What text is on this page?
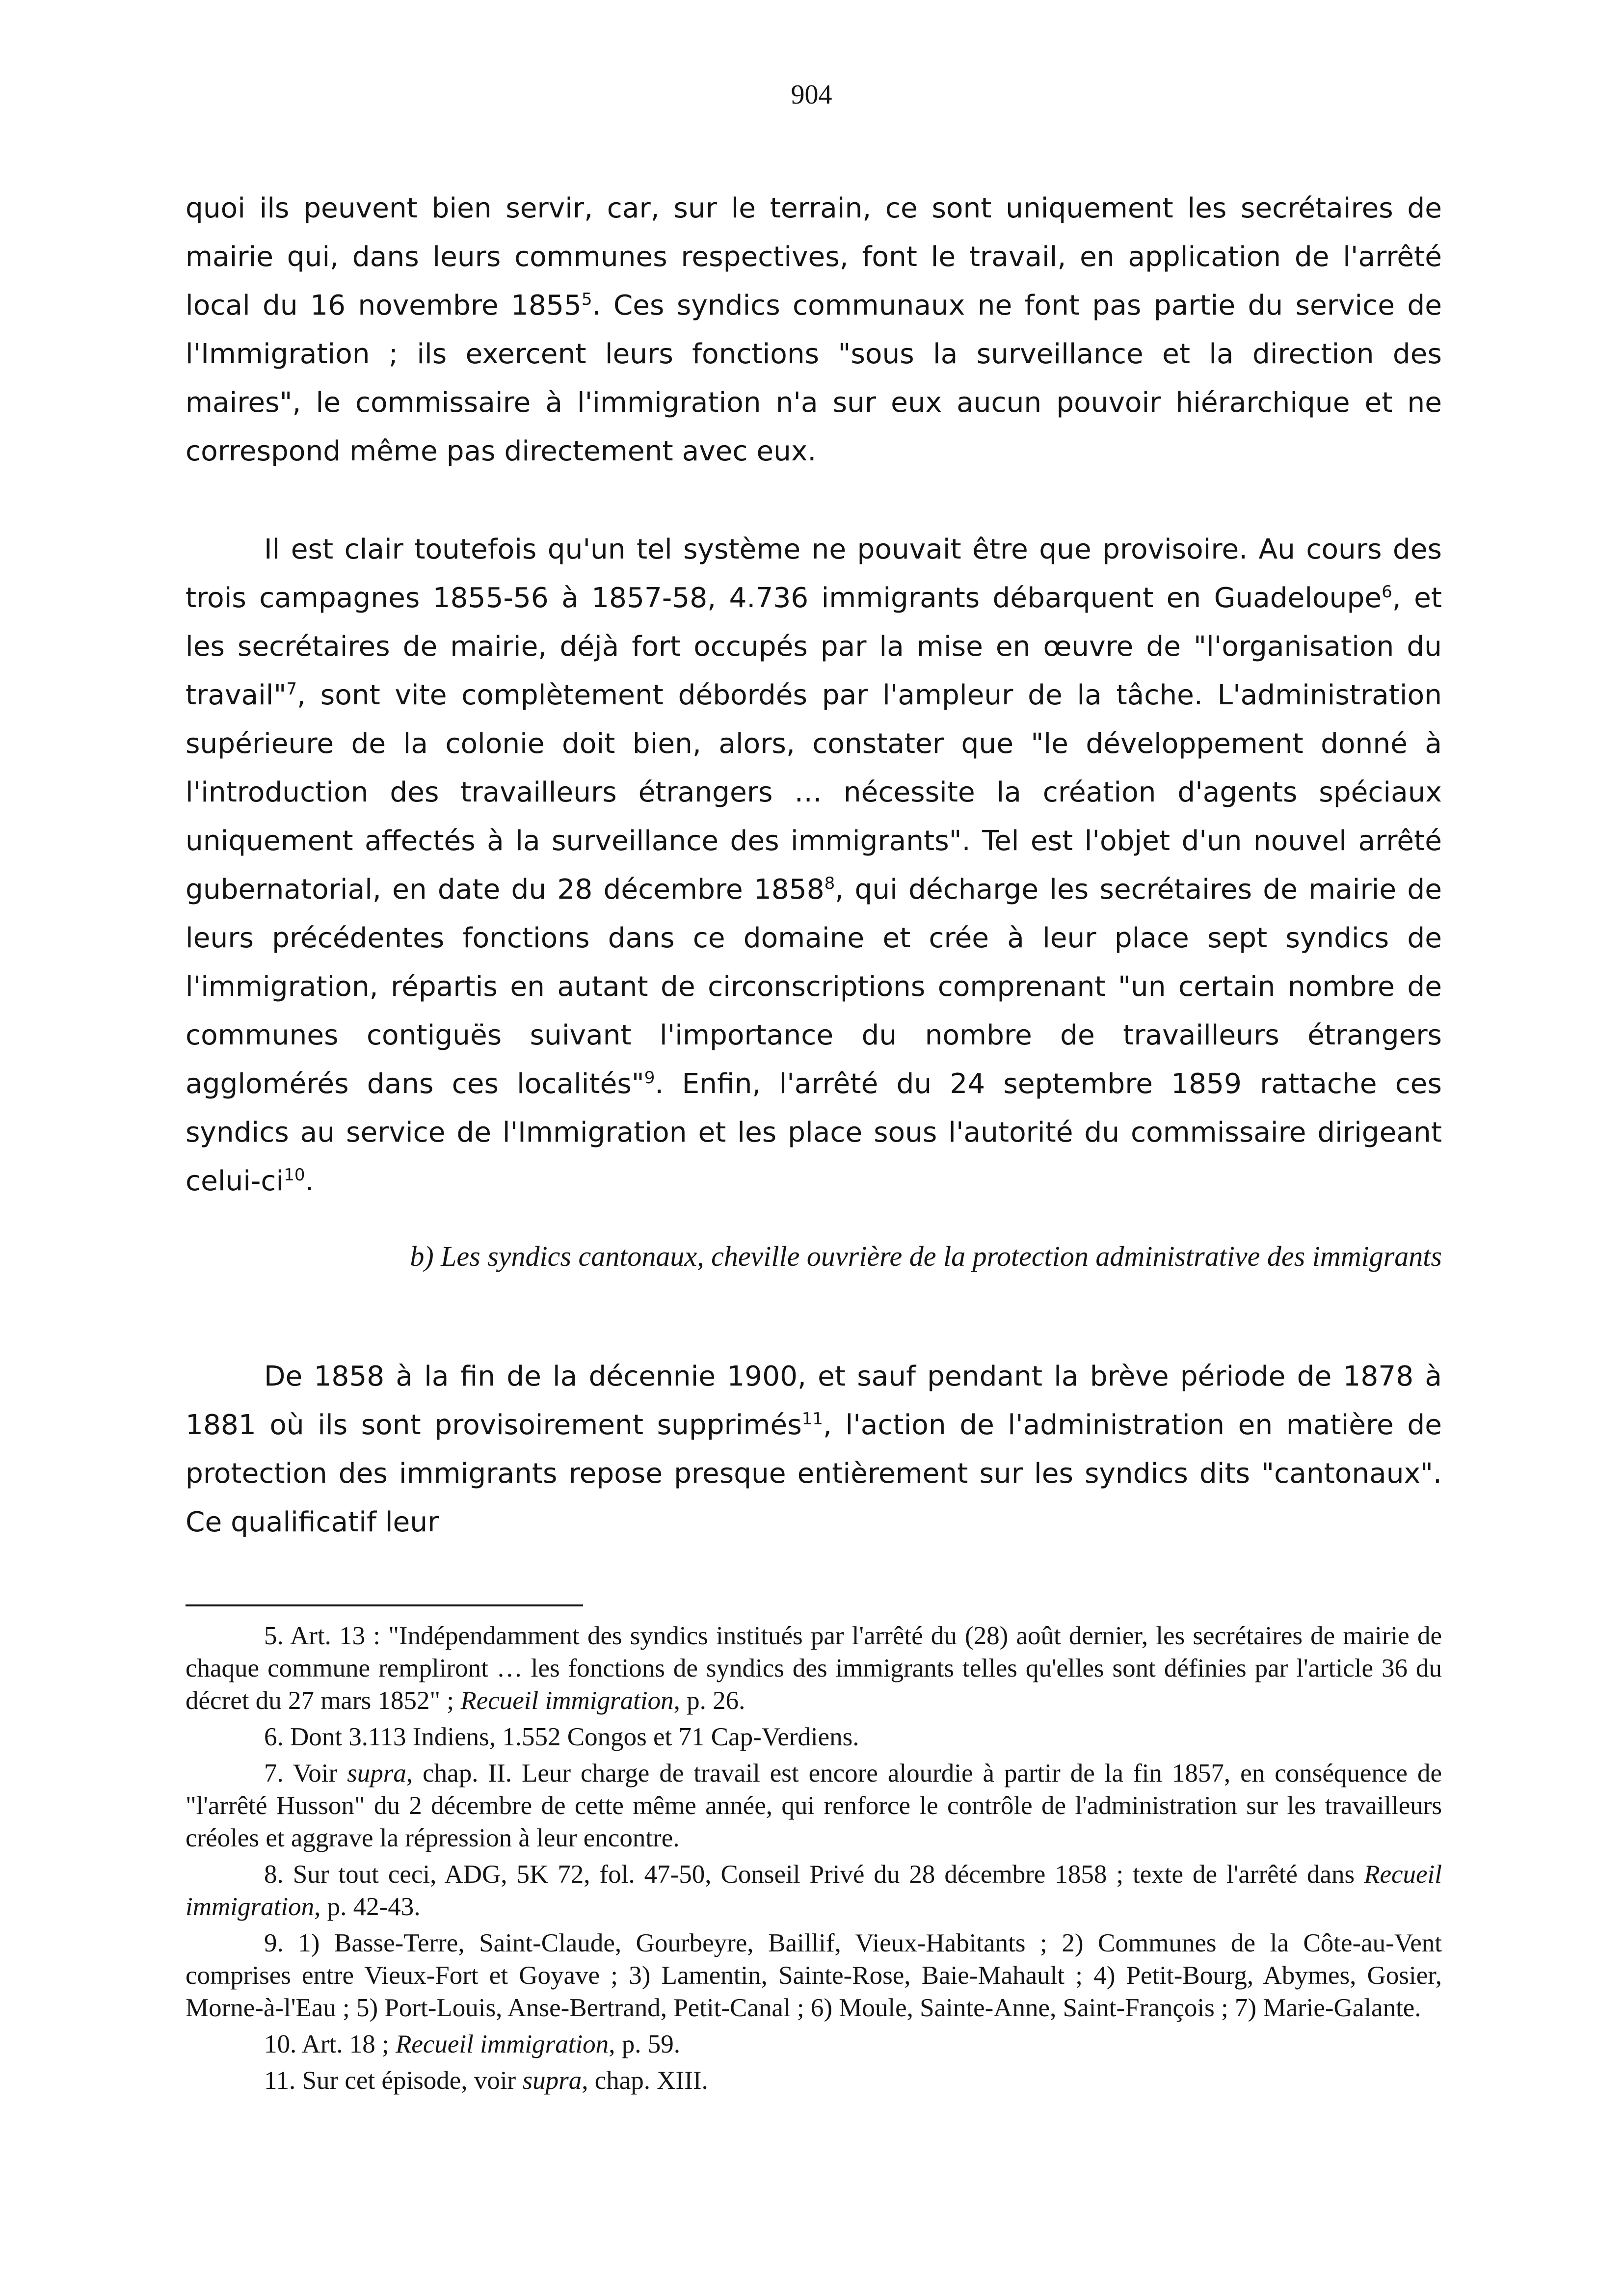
904

quoi ils peuvent bien servir, car, sur le terrain, ce sont uniquement les secrétaires de mairie qui, dans leurs communes respectives, font le travail, en application de l'arrêté local du 16 novembre 1855$^5$. Ces syndics communaux ne font pas partie du service de l'Immigration ; ils exercent leurs fonctions "sous la surveillance et la direction des maires", le commissaire à l'immigration n'a sur eux aucun pouvoir hiérarchique et ne correspond même pas directement avec eux.

Il est clair toutefois qu'un tel système ne pouvait être que provisoire. Au cours des trois campagnes 1855-56 à 1857-58, 4.736 immigrants débarquent en Guadeloupe$^6$, et les secrétaires de mairie, déjà fort occupés par la mise en œuvre de "l'organisation du travail"$^7$, sont vite complètement débordés par l'ampleur de la tâche. L'administration supérieure de la colonie doit bien, alors, constater que "le développement donné à l'introduction des travailleurs étrangers … nécessite la création d'agents spéciaux uniquement affectés à la surveillance des immigrants". Tel est l'objet d'un nouvel arrêté gubernatorial, en date du 28 décembre 1858$^8$, qui décharge les secrétaires de mairie de leurs précédentes fonctions dans ce domaine et crée à leur place sept syndics de l'immigration, répartis en autant de circonscriptions comprenant "un certain nombre de communes contiguës suivant l'importance du nombre de travailleurs étrangers agglomérés dans ces localités"$^9$. Enfin, l'arrêté du 24 septembre 1859 rattache ces syndics au service de l'Immigration et les place sous l'autorité du commissaire dirigeant celui-$ci^{10}$.

b) Les syndics cantonaux, cheville ouvrière de la protection administrative des immigrants

De 1858 à la fin de la décennie 1900, et sauf pendant la brève période de 1878 à 1881 où ils sont provisoirement supprimés$^{11}$, l'action de l'administration en matière de protection des immigrants repose presque entièrement sur les syndics dits "cantonaux". Ce qualificatif leur

5. Art. 13 : "Indépendamment des syndics institués par l'arrêté du (28) août dernier, les secrétaires de mairie de chaque commune rempliront … les fonctions de syndics des immigrants telles qu'elles sont définies par l'article 36 du décret du 27 mars 1852" ; Recueil immigration, p. 26.

6. Dont 3.113 Indiens, 1.552 Congos et 71 Cap-Verdiens.

7. Voir supra, chap. II. Leur charge de travail est encore alourdie à partir de la fin 1857, en conséquence de "l'arrêté Husson" du 2 décembre de cette même année, qui renforce le contrôle de l'administration sur les travailleurs créoles et aggrave la répression à leur encontre.

8. Sur tout ceci, ADG, 5K 72, fol. 47-50, Conseil Privé du 28 décembre 1858 ; texte de l'arrêté dans Recueil immigration, p. 42-43.

9. 1) Basse-Terre, Saint-Claude, Gourbeyre, Baillif, Vieux-Habitants ; 2) Communes de la Côte-au-Vent comprises entre Vieux-Fort et Goyave ; 3) Lamentin, Sainte-Rose, Baie-Mahault ; 4) Petit-Bourg, Abymes, Gosier, Morne-à-l'Eau ; 5) Port-Louis, Anse-Bertrand, Petit-Canal ; 6) Moule, Sainte-Anne, Saint-François ; 7) Marie-Galante.

10. Art. 18 ; Recueil immigration, p. 59.

11. Sur cet épisode, voir supra, chap. XIII.
